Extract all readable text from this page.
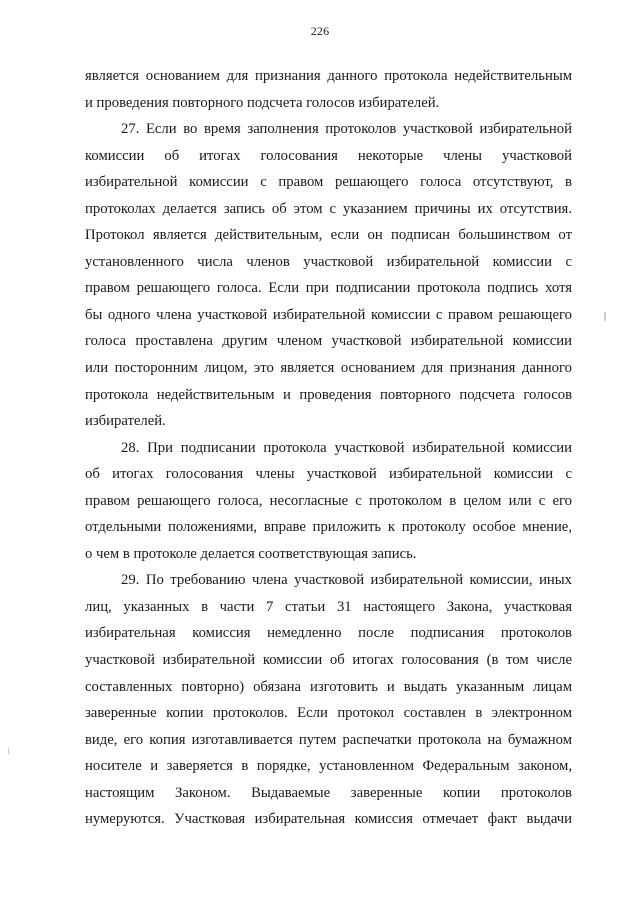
226
является основанием для признания данного протокола недействительным
и проведения повторного подсчета голосов избирателей.
27. Если во время заполнения протоколов участковой избирательной
комиссии об итогах голосования некоторые члены участковой
избирательной комиссии с правом решающего голоса отсутствуют, в
протоколах делается запись об этом с указанием причины их отсутствия.
Протокол является действительным, если он подписан большинством от
установленного числа членов участковой избирательной комиссии с
правом решающего голоса. Если при подписании протокола подпись хотя
бы одного члена участковой избирательной комиссии с правом решающего
голоса проставлена другим членом участковой избирательной комиссии
или посторонним лицом, это является основанием для признания данного
протокола недействительным и проведения повторного подсчета голосов
избирателей.
28. При подписании протокола участковой избирательной комиссии
об итогах голосования члены участковой избирательной комиссии с
правом решающего голоса, несогласные с протоколом в целом или с его
отдельными положениями, вправе приложить к протоколу особое мнение,
о чем в протоколе делается соответствующая запись.
29. По требованию члена участковой избирательной комиссии, иных
лиц, указанных в части 7 статьи 31 настоящего Закона, участковая
избирательная комиссия немедленно после подписания протоколов
участковой избирательной комиссии об итогах голосования (в том числе
составленных повторно) обязана изготовить и выдать указанным лицам
заверенные копии протоколов. Если протокол составлен в электронном
виде, его копия изготавливается путем распечатки протокола на бумажном
носителе и заверяется в порядке, установленном Федеральным законом,
настоящим Законом. Выдаваемые заверенные копии протоколов
нумеруются. Участковая избирательная комиссия отмечает факт выдачи
